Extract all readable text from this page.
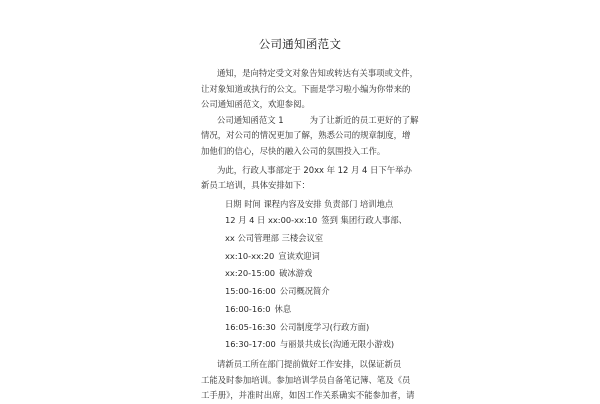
公司通知函范文
通知，是向特定受文对象告知或转达有关事项或文件，
让对象知道或执行的公文。下面是学习啦小编为你带来的
公司通知函范文，欢迎参阅。
公司通知函范文 1	为了让新近的员工更好的了解
情况，对公司的情况更加了解，熟悉公司的规章制度，增
加他们的信心，尽快的融入公司的氛围投入工作。
为此，行政人事部定于 20xx 年 12 月 4 日下午举办
新员工培训，具体安排如下：
日期 时间 课程内容及安排 负责部门 培训地点
12 月 4 日 xx:00-xx:10 签到 集团行政人事部、
xx 公司管理部 三楼会议室
xx:10-xx:20 宣读欢迎词
xx:20-15:00 破冰游戏
15:00-16:00 公司概况简介
16:00-16:0 休息
16:05-16:30 公司制度学习(行政方面)
16:30-17:00 与丽景共成长(沟通无限小游戏)
请新员工所在部门提前做好工作安排，以保证新员
工能及时参加培训。参加培训学员自备笔记簿、笔及《员
工手册》，并准时出席，如因工作关系确实不能参加者，请
